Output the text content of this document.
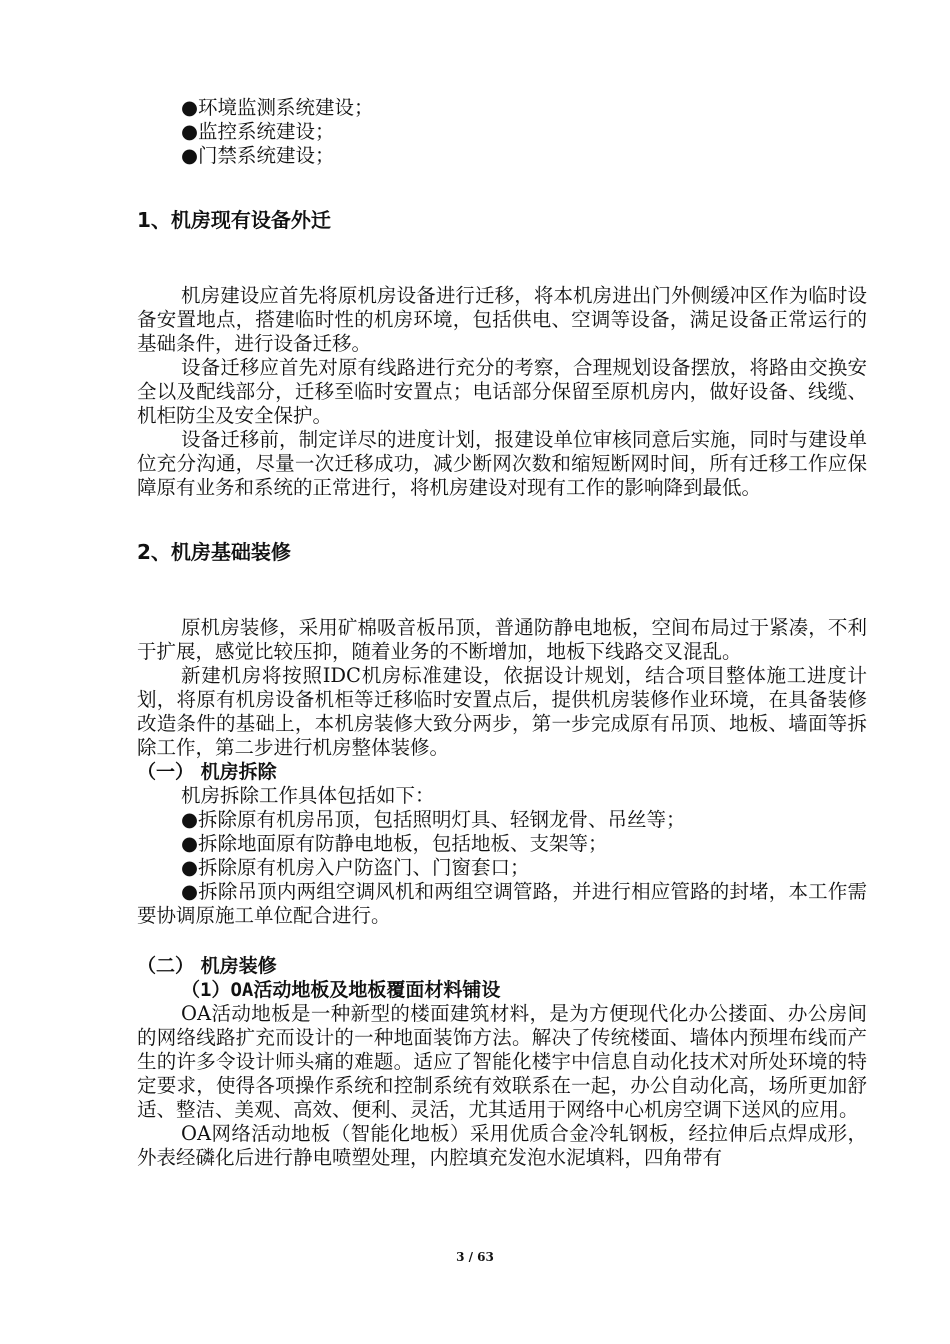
●环境监测系统建设；
●监控系统建设；
●门禁系统建设；
1、机房现有设备外迁

机房建设应首先将原机房设备进行迁移，将本机房进出门外侧缓冲区作为临时设备安置地点，搭建临时性的机房环境，包括供电、空调等设备，满足设备正常运行的基础条件，进行设备迁移。

设备迁移应首先对原有线路进行充分的考察，合理规划设备摆放，将路由交换安全以及配线部分，迁移至临时安置点；电话部分保留至原机房内，做好设备、线缆、机柜防尘及安全保护。

设备迁移前，制定详尽的进度计划，报建设单位审核同意后实施，同时与建设单位充分沟通，尽量一次迁移成功，减少断网次数和缩短断网时间，所有迁移工作应保障原有业务和系统的正常进行，将机房建设对现有工作的影响降到最低。

2、机房基础装修

原机房装修，采用矿棉吸音板吊顶，普通防静电地板，空间布局过于紧凑，不利于扩展，感觉比较压抑，随着业务的不断增加，地板下线路交叉混乱。

新建机房将按照IDC机房标准建设，依据设计规划，结合项目整体施工进度计划，将原有机房设备机柜等迁移临时安置点后，提供机房装修作业环境，在具备装修改造条件的基础上，本机房装修大致分两步，第一步完成原有吊顶、地板、墙面等拆除工作，第二步进行机房整体装修。

（一） 机房拆除
机房拆除工作具体包括如下：
●拆除原有机房吊顶，包括照明灯具、轻钢龙骨、吊丝等；
●拆除地面原有防静电地板，包括地板、支架等；
●拆除原有机房入户防盗门、门窗套口；

●拆除吊顶内两组空调风机和两组空调管路，并进行相应管路的封堵，本工作需要协调原施工单位配合进行。

（二） 机房装修
（1）OA活动地板及地板覆面材料铺设

OA活动地板是一种新型的楼面建筑材料，是为方便现代化办公搂面、办公房间的网络线路扩充而设计的一种地面装饰方法。解决了传统楼面、墙体内预埋布线而产生的许多令设计师头痛的难题。适应了智能化楼宇中信息自动化技术对所处环境的特定要求，使得各项操作系统和控制系统有效联系在一起，办公自动化高，场所更加舒适、整洁、美观、高效、便利、灵活，尤其适用于网络中心机房空调下送风的应用。

OA网络活动地板（智能化地板）采用优质合金冷轧钢板，经拉伸后点焊成形，外表经磷化后进行静电喷塑处理，内腔填充发泡水泥填料，四角带有

3 / 63
